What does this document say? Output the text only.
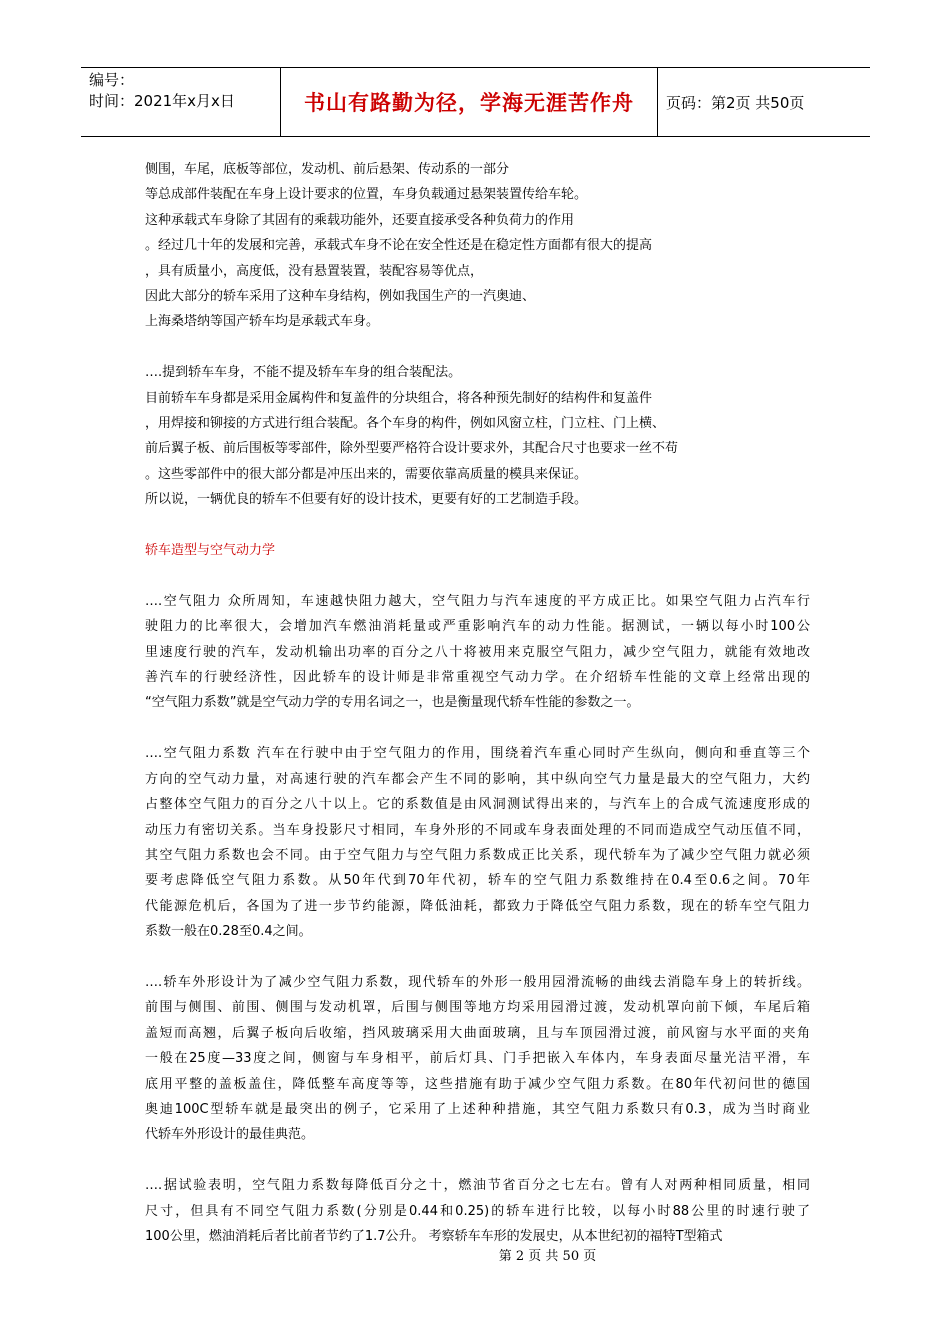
编号：
时间：2021年x月x日	书山有路勤为径，学海无涯苦作舟 页码：第2页 共50页
侧围，车尾，底板等部位，发动机、前后悬架、传动系的一部分
等总成部件装配在车身上设计要求的位置，车身负载通过悬架装置传给车轮。
这种承载式车身除了其固有的乘载功能外，还要直接承受各种负荷力的作用
。经过几十年的发展和完善，承载式车身不论在安全性还是在稳定性方面都有很大的提高
，具有质量小，高度低，没有悬置装置，装配容易等优点，
因此大部分的轿车采用了这种车身结构，例如我国生产的一汽奥迪、
上海桑塔纳等国产轿车均是承载式车身。
….提到轿车车身，不能不提及轿车车身的组合装配法。
目前轿车车身都是采用金属构件和复盖件的分块组合，将各种预先制好的结构件和复盖件
，用焊接和铆接的方式进行组合装配。各个车身的构件，例如风窗立柱，门立柱、门上横、
前后翼子板、前后围板等零部件，除外型要严格符合设计要求外，其配合尺寸也要求一丝不苟
。这些零部件中的很大部分都是冲压出来的，需要依靠高质量的模具来保证。
所以说，一辆优良的轿车不但要有好的设计技术，更要有好的工艺制造手段。
轿车造型与空气动力学
….空气阻力 众所周知，车速越快阻力越大，空气阻力与汽车速度的平方成正比。如果空气阻力占汽车行
驶阻力的比率很大，会增加汽车燃油消耗量或严重影响汽车的动力性能。据测试，一辆以每小时100公
里速度行驶的汽车，发动机输出功率的百分之八十将被用来克服空气阻力，减少空气阻力，就能有效地改
善汽车的行驶经济性，因此轿车的设计师是非常重视空气动力学。在介绍轿车性能的文章上经常出现的
“空气阻力系数”就是空气动力学的专用名词之一，也是衡量现代轿车性能的参数之一。
….空气阻力系数 汽车在行驶中由于空气阻力的作用，围绕着汽车重心同时产生纵向，侧向和垂直等三个
方向的空气动力量，对高速行驶的汽车都会产生不同的影响，其中纵向空气力量是最大的空气阻力，大约
占整体空气阻力的百分之八十以上。它的系数值是由风洞测试得出来的，与汽车上的合成气流速度形成的
动压力有密切关系。当车身投影尺寸相同，车身外形的不同或车身表面处理的不同而造成空气动压值不同，
其空气阻力系数也会不同。由于空气阻力与空气阻力系数成正比关系，现代轿车为了减少空气阻力就必须
要考虑降低空气阻力系数。从50年代到70年代初，轿车的空气阻力系数维持在0.4至0.6之间。70年
代能源危机后，各国为了进一步节约能源，降低油耗，都致力于降低空气阻力系数，现在的轿车空气阻力
系数一般在0.28至0.4之间。
….轿车外形设计为了减少空气阻力系数，现代轿车的外形一般用园滑流畅的曲线去消隐车身上的转折线。
前围与侧围、前围、侧围与发动机罩，后围与侧围等地方均采用园滑过渡，发动机罩向前下倾，车尾后箱
盖短而高翘，后翼子板向后收缩，挡风玻璃采用大曲面玻璃，且与车顶园滑过渡，前风窗与水平面的夹角
一般在25度—33度之间，侧窗与车身相平，前后灯具、门手把嵌入车体内，车身表面尽量光洁平滑，车
底用平整的盖板盖住，降低整车高度等等，这些措施有助于减少空气阻力系数。在80年代初问世的德国
奥迪100C型轿车就是最突出的例子，它采用了上述种种措施，其空气阻力系数只有0.3，成为当时商业
代轿车外形设计的最佳典范。
….据试验表明，空气阻力系数每降低百分之十，燃油节省百分之七左右。曾有人对两种相同质量，相同
尺寸，但具有不同空气阻力系数(分别是0.44和0.25)的轿车进行比较，以每小时88公里的时速行驶了
100公里，燃油消耗后者比前者节约了1.7公升。 考察轿车车形的发展史，从本世纪初的福特T型箱式
第 2 页 共 50 页
